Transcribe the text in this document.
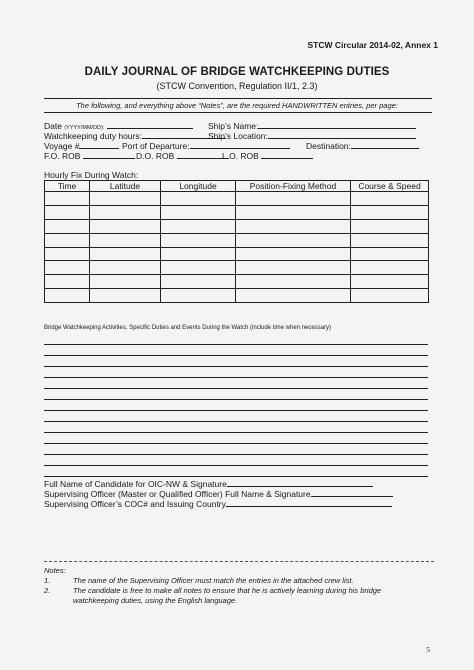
STCW Circular 2014-02, Annex 1
DAILY JOURNAL OF BRIDGE WATCHKEEPING DUTIES
(STCW Convention, Regulation II/1, 2.3)
The following, and everything above “Notes”, are the required HANDWRITTEN entries, per page:
Date (YYYY/MM/DD):	Ship’s Name:
Watchkeeping duty hours:	Ship’s Location:
Voyage #	Port of Departure:	Destination:
F.O. ROB	D.O. ROB	L.O. ROB
Hourly Fix During Watch:
Time	Latitude	Longitude	Position-Fixing Method	Course & Speed

Bridge Watchkeeping Activities, Specific Duties and Events During the Watch (include time when necessary)
Full Name of Candidate for OIC-NW & Signature
Supervising Officer (Master or Qualified Officer) Full Name & Signature
Supervising Officer’s COC# and Issuing Country
Notes:
1.	The name of the Supervising Officer must match the entries in the attached crew list.
2.	The candidate is free to make all notes to ensure that he is actively learning during his bridge
watchkeeping duties, using the English language.
5
